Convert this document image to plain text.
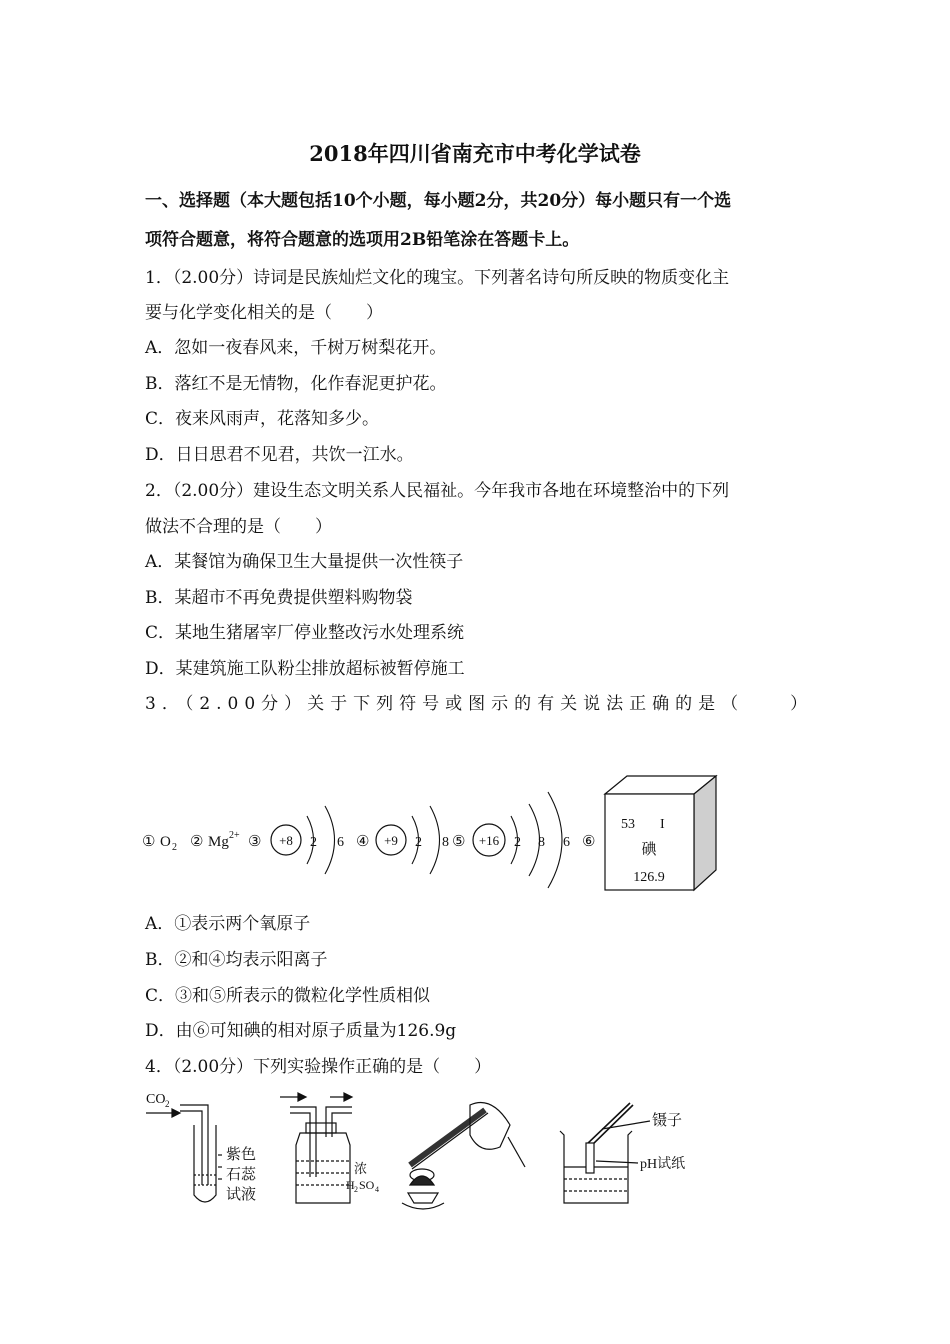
2018年四川省南充市中考化学试卷
一、选择题（本大题包括10个小题，每小题2分，共20分）每小题只有一个选
项符合题意，将符合题意的选项用2B铅笔涂在答题卡上。
1．（2.00分）诗词是民族灿烂文化的瑰宝。下列著名诗句所反映的物质变化主
要与化学变化相关的是（　　）
A．忽如一夜春风来，千树万树梨花开。
B．落红不是无情物，化作春泥更护花。
C．夜来风雨声，花落知多少。
D．日日思君不见君，共饮一江水。
2．（2.00分）建设生态文明关系人民福祉。今年我市各地在环境整治中的下列
做法不合理的是（　　）
A．某餐馆为确保卫生大量提供一次性筷子
B．某超市不再免费提供塑料购物袋
C．某地生猪屠宰厂停业整改污水处理系统
D．某建筑施工队粉尘排放超标被暂停施工
3．（2.00分）关于下列符号或图示的有关说法正确的是（　　）
① O 2 ② Mg 2+ ③ +8 2 6 ④ +9 2 8 ⑤ +16 2 8 6 ⑥
53 I
碘
126.9
A．①表示两个氧原子
B．②和④均表示阳离子
C．③和⑤所表示的微粒化学性质相似
D．由⑥可知碘的相对原子质量为126.9g
4．（2.00分）下列实验操作正确的是（　　）
CO 2
紫色
石蕊
试液
浓
H 2 SO 4
镊子
pH试纸
